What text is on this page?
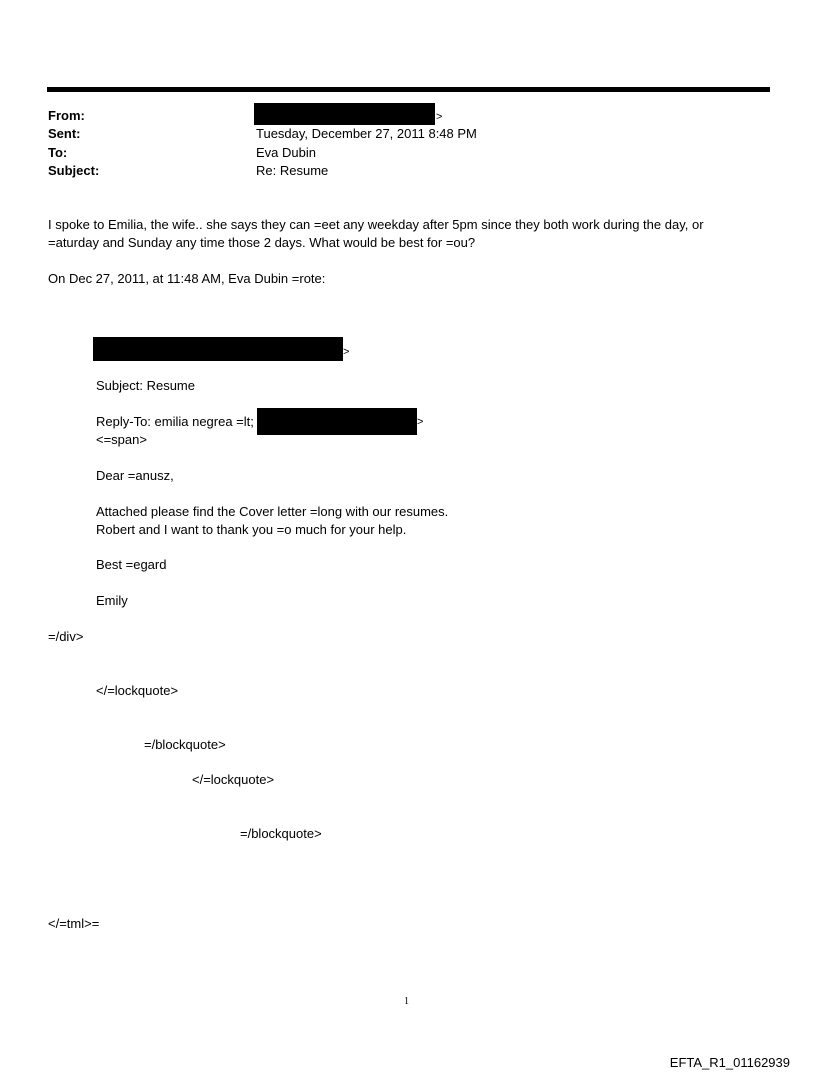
From:
Sent:
To:
Subject:
>
Tuesday, December 27, 2011 8:48 PM
Eva Dubin
Re: Resume
I spoke to Emilia, the wife.. she says they can =eet any weekday after 5pm since they both work during the day, or
=aturday and Sunday any time those 2 days. What would be best for =ou?
On Dec 27, 2011, at 11:48 AM, Eva Dubin =rote:
>
Subject: Resume
Reply-To: emilia negrea =lt;	>
<=span>
Dear =anusz,
Attached please find the Cover letter =long with our resumes.
Robert and I want to thank you =o much for your help.
Best =egard
Emily
=/div>
</=lockquote>
=/blockquote>
</=lockquote>
=/blockquote>
</=tml>=
1
EFTA_R1_01162939
